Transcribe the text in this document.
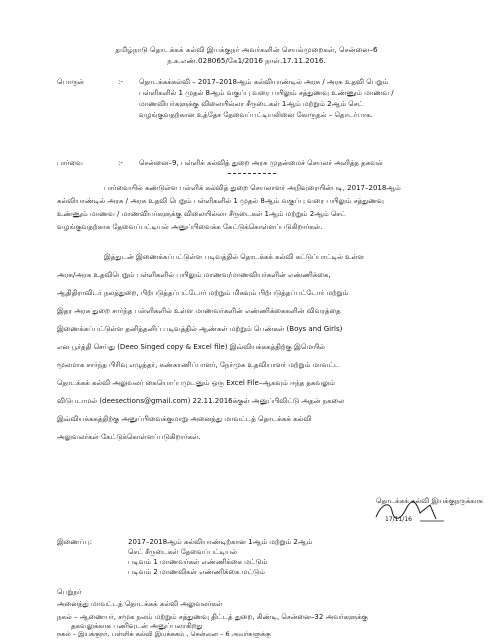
தமிழ்நாடு தொடக்கக் கல்வி இயக்குநர் அவர்களின் செயல்முறைகள், சென்னை–6
ந.க.எண்.028065/கே1/2016 நாள்.17.11.2016.
பொருள்	:- தொடக்கக்கல்வி – 2017–2018ஆம் கல்வியாண்டில் அரசு / அரசு உதவி பெறும்
பள்ளிகளில் 1 முதல் 8ஆம் வகுப்பு வரை பயிலும் சத்துணவு உண்ணும் மாணவ /
மாணவியர்களுக்கு விலையில்லா சீருடைகள் 1ஆம் மற்றும் 2ஆம் செட்
வழங்குவதற்கான உத்தேச தேவைப்பட்டியலினை கோருதல் – தொடர்பாக.
பார்வை	:- சென்னை–9, பள்ளிக் கல்வித் துறை அரசு முதன்மைச் செயலர் அளித்த தகவல்
பார்வையில் கண்டுள்ள பள்ளிக் கல்வித் துறை செயலாளர் அறிவுரையின்படி, 2017–2018ஆம்
கல்வியாண்டில் அரசு / அரசு உதவி பெறும் பள்ளிகளில் 1 முதல் 8ஆம் வகுப்பு வரை பயிலும் சத்துணவு
உண்ணும் மாணவ / மாணவியர்களுக்கு விலையில்லா சீருடைகள் 1ஆம் மற்றும் 2ஆம் செட்
வழங்குவதற்காக தேவைப்பட்டியல் அனுப்பிவைக்க கேட்டுக்கொள்ளப்படுகிறார்கள்.
இத்துடன் இணைக்கப்பட்டுள்ள படிவத்தில் தொடக்கக் கல்வி கட்டுப்பாட்டில் உள்ள
அரசு/அரசு உதவிபெறும் பள்ளிகளில் பயிலும் மாணவ/மாணவியர்களின் எண்ணிக்கை,
ஆதிதிராவிடர் நலத்துறை, பிற்படுத்தப்பட்டோர் மற்றும் மிகவும் பிற்படுத்தப்பட்டோர் மற்றும்
இதர அரசு துறை சார்ந்த பள்ளிகளில் உள்ள மாணவர்களின் எண்ணிக்கைகளின் விவரத்தை
இணைக்கப்பட்டுள்ள தனித்தனிப் படிவத்தில் ஆண்கள் மற்றும் பெண்கள் (Boys and Girls)
என பூர்த்தி செய்து (Deeo Singed copy & Excel file) இவ்வியக்ககத்திற்கு இமெயில்
மூலமாக சார்ந்த பிரிவு எழுத்தர், கண்காணிப்பாளர், நேர்முக உதவியாளர் மற்றும் மாவட்ட
தொடக்கக் கல்வி அலுவலர் கையொப்பமுடனும் ஒரு Excel File–ஆகவும் ஈந்த தகவலும்
விடுபடாமல் (deesections@gmail.com) 22.11.2016க்குள் அனுப்பிவிட்டு அதன் நகலை
இவ்வியக்ககத்திற்கு அனுப்பிவைக்குமாறு அனைத்து மாவட்டத் தொடக்கக் கல்வி
அலுவலர்கள் கேட்டுக்கொள்ளப்படுகிறார்கள்.
17/11/16
தொடக்கக் கல்வி இயக்குநருக்காக
இணைப்பு:	2017–2018ஆம் கல்வியாண்டிற்கான 1ஆம் மற்றும் 2ஆம்
செட் சீருடைகள் தேவைப்பட்டியல்
படிவம் 1 மாணவர்கள் எண்ணிக்கை மட்டும்
படிவம் 2 மாணவிகள் எண்ணிக்கை மட்டும்
பெறுநர்
அனைத்து மாவட்டத் தொடக்கக் கல்வி அலுவலர்கள்
நகல் – ஆணையர், சமூக நலம் மற்றும் சத்துணவு திட்டத் துறை, கிண்டி, சென்னை–32 அவர்களுக்கு
தகவலுக்காக பணிவுடன் அனுப்பலாகிறது
நகல் – இயக்குநர், பள்ளிக் கல்வி இயக்ககம் , சென்னை – 6 அவர்களுக்கு
